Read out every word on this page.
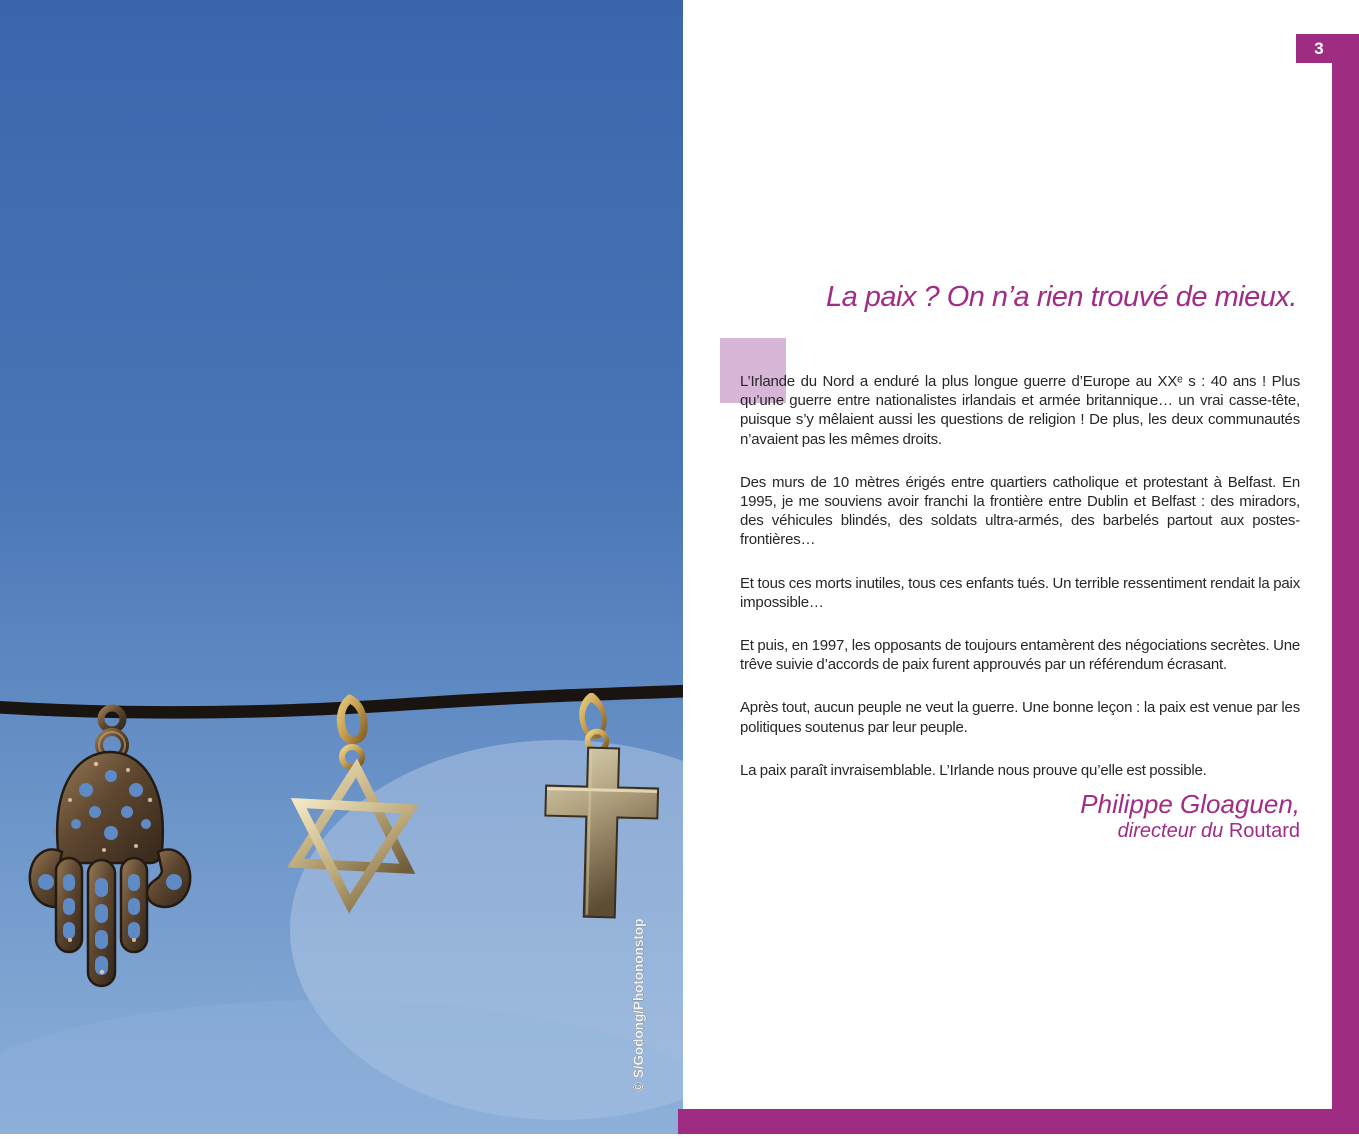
© S/Godong/Photononstop
3
La paix ? On n’a rien trouvé de mieux.

L’Irlande du Nord a enduré la plus longue guerre d’Europe au XXᵉ s : 40 ans ! Plus qu’une guerre entre nationalistes irlandais et armée britannique… un vrai casse-tête, puisque s’y mêlaient aussi les questions de religion ! De plus, les deux communautés n’avaient pas les mêmes droits.

Des murs de 10 mètres érigés entre quartiers catholique et protestant à Belfast. En 1995, je me souviens avoir franchi la frontière entre Dublin et Belfast : des miradors, des véhicules blindés, des soldats ultra-armés, des barbelés partout aux postes-frontières…

Et tous ces morts inutiles, tous ces enfants tués. Un terrible ressentiment rendait la paix impossible…

Et puis, en 1997, les opposants de toujours entamèrent des négociations secrètes. Une trêve suivie d’accords de paix furent approuvés par un référendum écrasant.

Après tout, aucun peuple ne veut la guerre. Une bonne leçon : la paix est venue par les politiques soutenus par leur peuple.

La paix paraît invraisemblable. L’Irlande nous prouve qu’elle est possible.

Philippe Gloaguen,
directeur du Routard
